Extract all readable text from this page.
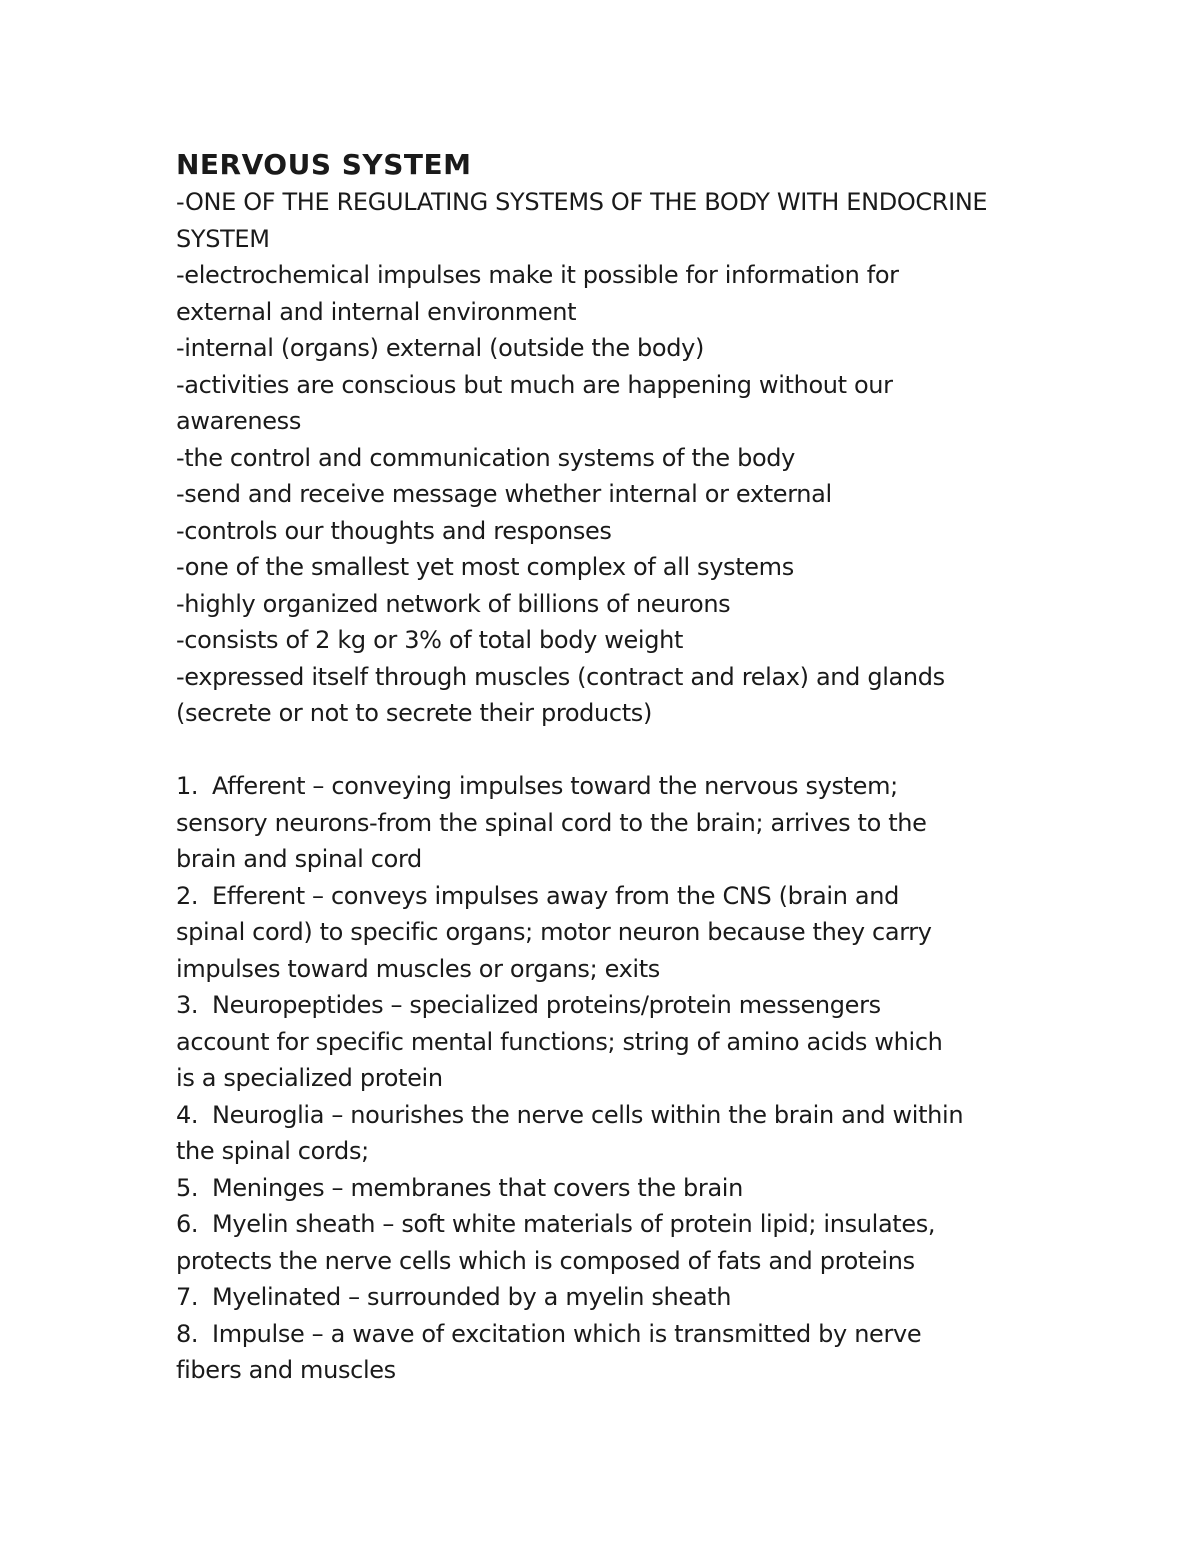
NERVOUS SYSTEM

-ONE OF THE REGULATING SYSTEMS OF THE BODY WITH ENDOCRINE

SYSTEM

-electrochemical impulses make it possible for information for

external and internal environment

-internal (organs) external (outside the body)

-activities are conscious but much are happening without our

awareness

-the control and communication systems of the body

-send and receive message whether internal or external

-controls our thoughts and responses

-one of the smallest yet most complex of all systems

-highly organized network of billions of neurons

-consists of 2 kg or 3% of total body weight

-expressed itself through muscles (contract and relax) and glands

(secrete or not to secrete their products)

1. Afferent – conveying impulses toward the nervous system;

sensory neurons-from the spinal cord to the brain; arrives to the

brain and spinal cord

2. Efferent – conveys impulses away from the CNS (brain and

spinal cord) to specific organs; motor neuron because they carry

impulses toward muscles or organs; exits

3. Neuropeptides – specialized proteins/protein messengers

account for specific mental functions; string of amino acids which

is a specialized protein

4. Neuroglia – nourishes the nerve cells within the brain and within

the spinal cords;

5. Meninges – membranes that covers the brain

6. Myelin sheath – soft white materials of protein lipid; insulates,

protects the nerve cells which is composed of fats and proteins

7. Myelinated – surrounded by a myelin sheath

8. Impulse – a wave of excitation which is transmitted by nerve

fibers and muscles
